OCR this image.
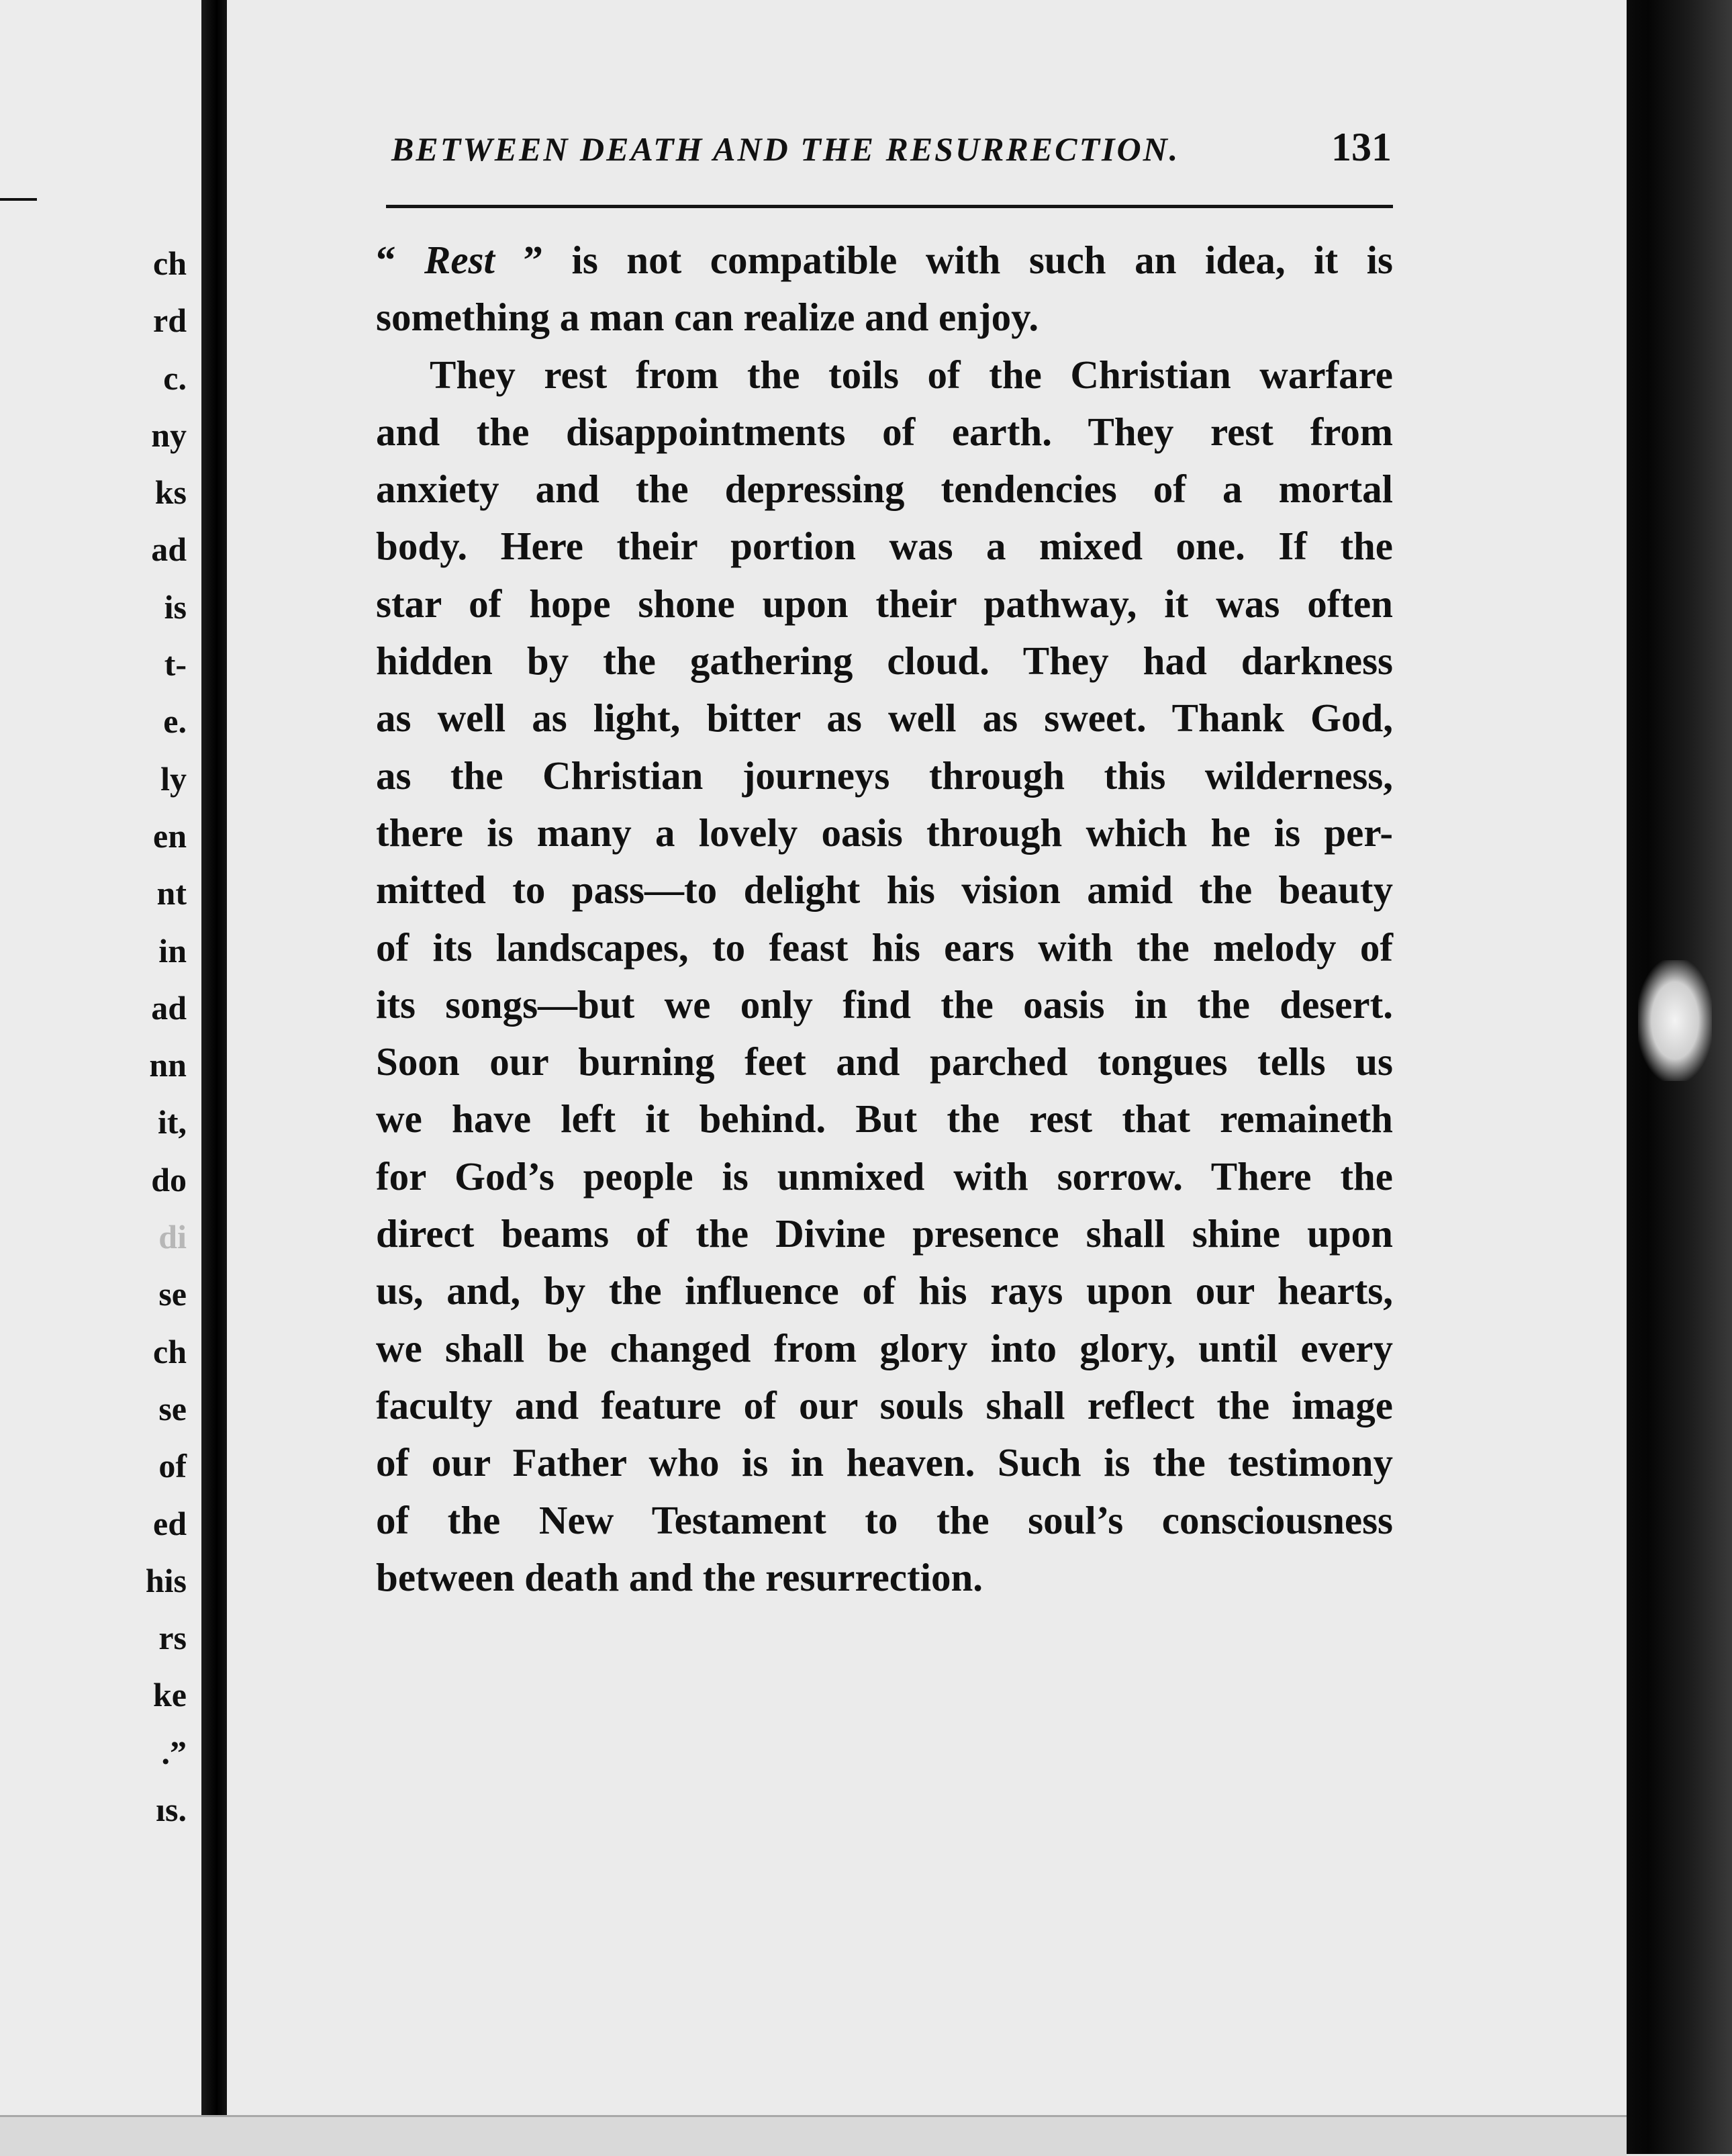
ch
rd
c.
ny
ks
ad
is
t-
e.
ly
en
nt
in
ad
nn
it,
do
di
se
ch
se
of
ed
his
rs
ke
.”
ıs.
BETWEEN DEATH AND THE RESURRECTION.	131
“ Rest ” is not compatible with such an idea, it is
something a man can realize and enjoy.
They rest from the toils of the Christian warfare
and the disappointments of earth. They rest from
anxiety and the depressing tendencies of a mortal
body. Here their portion was a mixed one. If the
star of hope shone upon their pathway, it was often
hidden by the gathering cloud. They had darkness
as well as light, bitter as well as sweet. Thank God,
as the Christian journeys through this wilderness,
there is many a lovely oasis through which he is per-
mitted to pass—to delight his vision amid the beauty
of its landscapes, to feast his ears with the melody of
its songs—but we only find the oasis in the desert.
Soon our burning feet and parched tongues tells us
we have left it behind. But the rest that remaineth
for God’s people is unmixed with sorrow. There the
direct beams of the Divine presence shall shine upon
us, and, by the influence of his rays upon our hearts,
we shall be changed from glory into glory, until every
faculty and feature of our souls shall reflect the image
of our Father who is in heaven. Such is the testimony
of the New Testament to the soul’s consciousness
between death and the resurrection.
